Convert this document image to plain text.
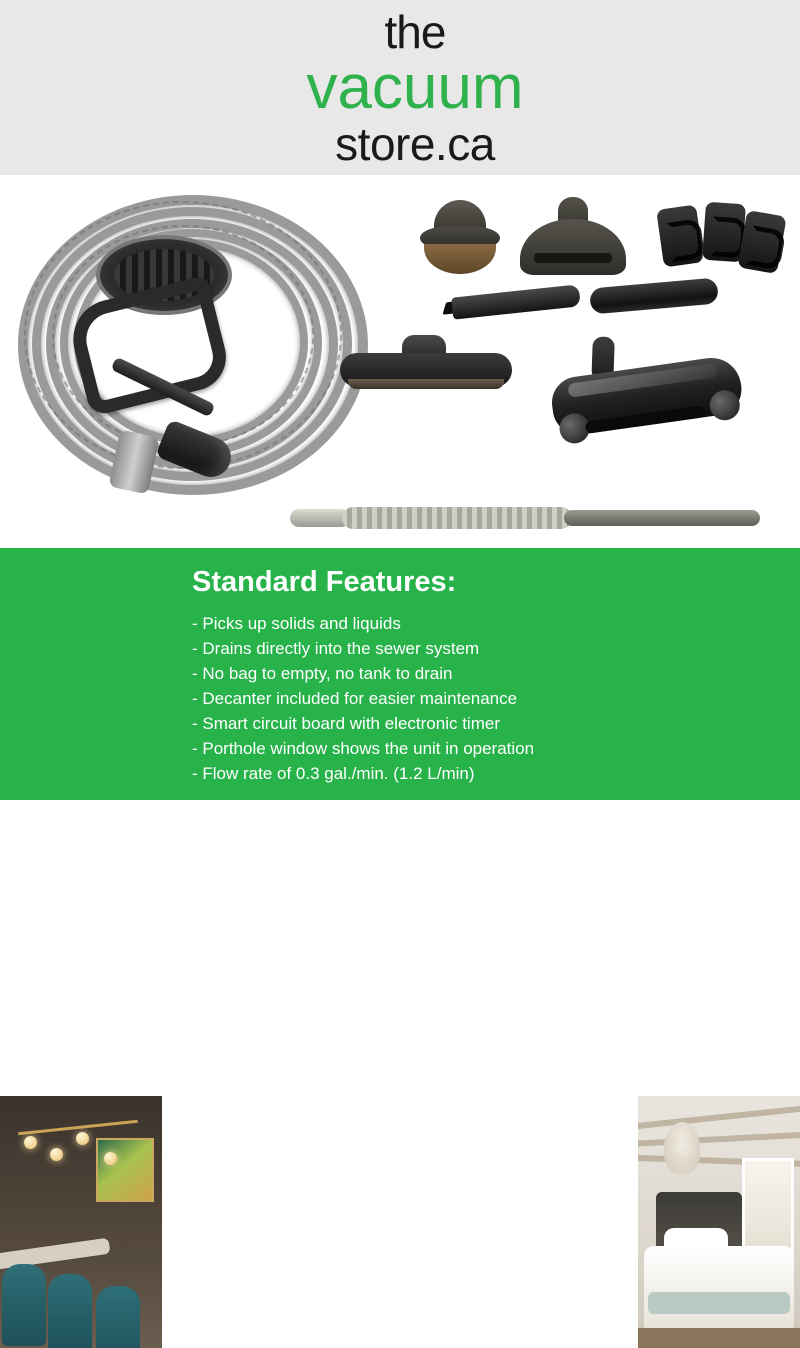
the
vacuum
store.ca
Standard Features:
- Picks up solids and liquids
- Drains directly into the sewer system
- No bag to empty, no tank to drain
- Decanter included for easier maintenance
- Smart circuit board with electronic timer
- Porthole window shows the unit in operation
- Flow rate of 0.3 gal./min. (1.2 L/min)
